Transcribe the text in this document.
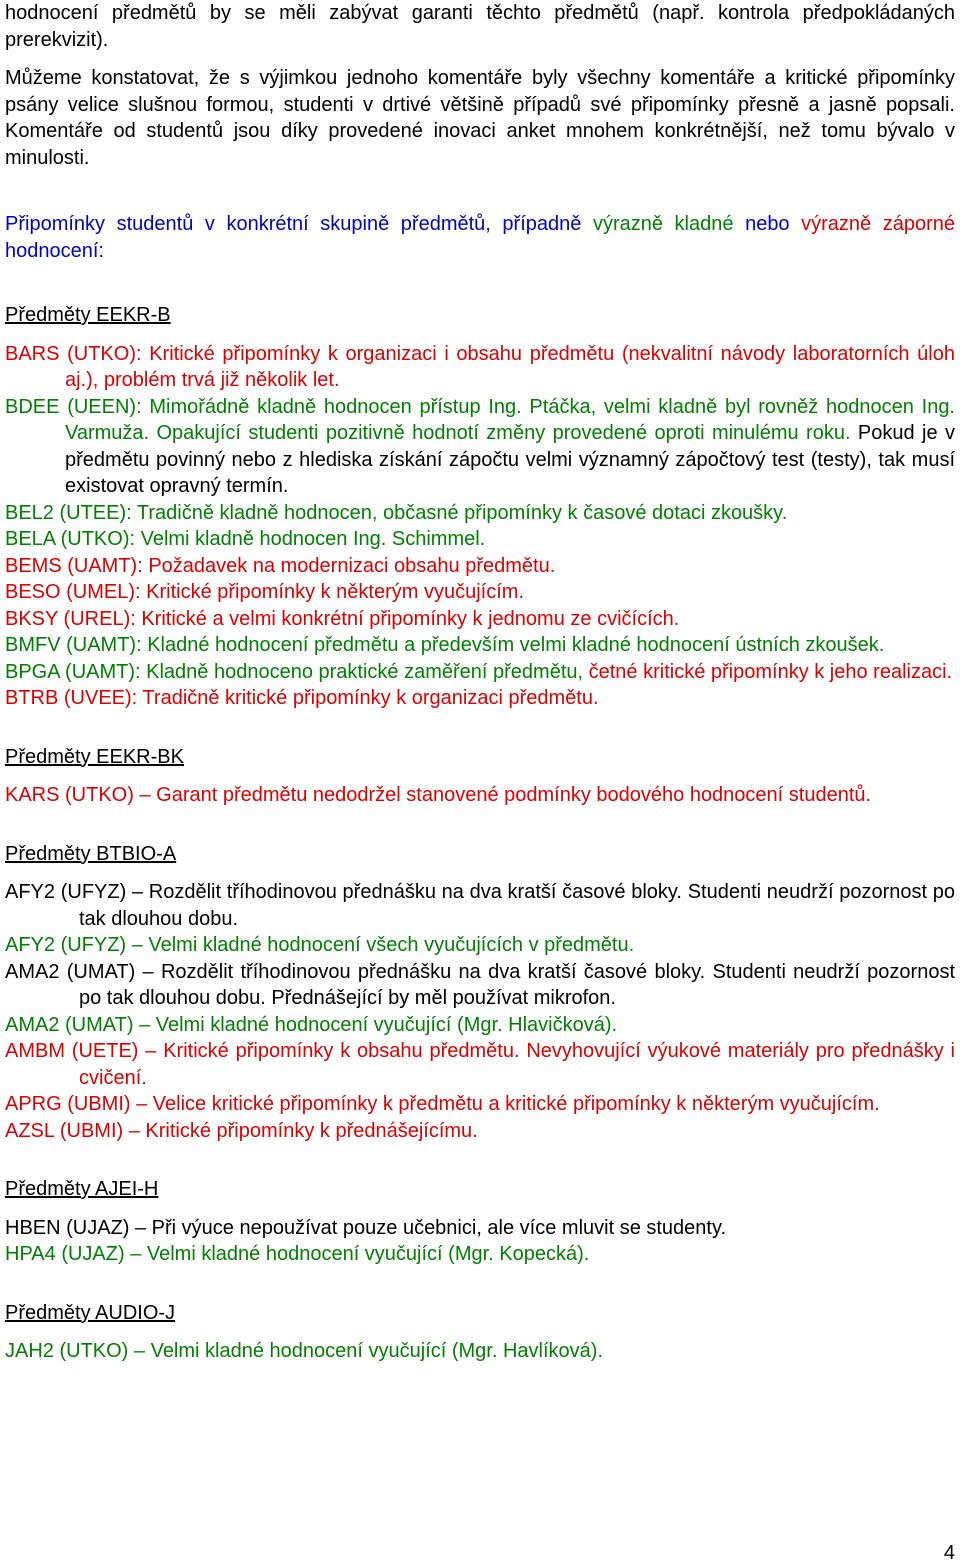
hodnocení předmětů by se měli zabývat garanti těchto předmětů (např. kontrola předpokládaných prerekvizit).

Můžeme konstatovat, že s výjimkou jednoho komentáře byly všechny komentáře a kritické připomínky psány velice slušnou formou, studenti v drtivé většině případů své připomínky přesně a jasně popsali. Komentáře od studentů jsou díky provedené inovaci anket mnohem konkrétnější, než tomu bývalo v minulosti.

Připomínky studentů v konkrétní skupině předmětů, případně výrazně kladné nebo výrazně záporné hodnocení:

Předměty EEKR-B

BARS (UTKO): Kritické připomínky k organizaci i obsahu předmětu (nekvalitní návody laboratorních úloh aj.), problém trvá již několik let.

BDEE (UEEN): Mimořádně kladně hodnocen přístup Ing. Ptáčka, velmi kladně byl rovněž hodnocen Ing. Varmuža. Opakující studenti pozitivně hodnotí změny provedené oproti minulému roku. Pokud je v předmětu povinný nebo z hlediska získání zápočtu velmi významný zápočtový test (testy), tak musí existovat opravný termín.

BEL2 (UTEE): Tradičně kladně hodnocen, občasné připomínky k časové dotaci zkoušky.

BELA (UTKO): Velmi kladně hodnocen Ing. Schimmel.

BEMS (UAMT): Požadavek na modernizaci obsahu předmětu.

BESO (UMEL): Kritické připomínky k některým vyučujícím.

BKSY (UREL): Kritické a velmi konkrétní připomínky k jednomu ze cvičících.

BMFV (UAMT): Kladné hodnocení předmětu a především velmi kladné hodnocení ústních zkoušek.

BPGA (UAMT): Kladně hodnoceno praktické zaměření předmětu, četné kritické připomínky k jeho realizaci.

BTRB (UVEE): Tradičně kritické připomínky k organizaci předmětu.

Předměty EEKR-BK

KARS (UTKO) – Garant předmětu nedodržel stanovené podmínky bodového hodnocení studentů.

Předměty BTBIO-A

AFY2 (UFYZ) – Rozdělit tříhodinovou přednášku na dva kratší časové bloky. Studenti neudrží pozornost po tak dlouhou dobu.

AFY2 (UFYZ) – Velmi kladné hodnocení všech vyučujících v předmětu.

AMA2 (UMAT) – Rozdělit tříhodinovou přednášku na dva kratší časové bloky. Studenti neudrží pozornost po tak dlouhou dobu. Přednášející by měl používat mikrofon.

AMA2 (UMAT) – Velmi kladné hodnocení vyučující (Mgr. Hlavičková).

AMBM (UETE) – Kritické připomínky k obsahu předmětu. Nevyhovující výukové materiály pro přednášky i cvičení.

APRG (UBMI) – Velice kritické připomínky k předmětu a kritické připomínky k některým vyučujícím.

AZSL (UBMI) – Kritické připomínky k přednášejícímu.

Předměty AJEI-H

HBEN (UJAZ) – Při výuce nepoužívat pouze učebnici, ale více mluvit se studenty.

HPA4 (UJAZ) – Velmi kladné hodnocení vyučující (Mgr. Kopecká).

Předměty AUDIO-J

JAH2 (UTKO) – Velmi kladné hodnocení vyučující (Mgr. Havlíková).

4
